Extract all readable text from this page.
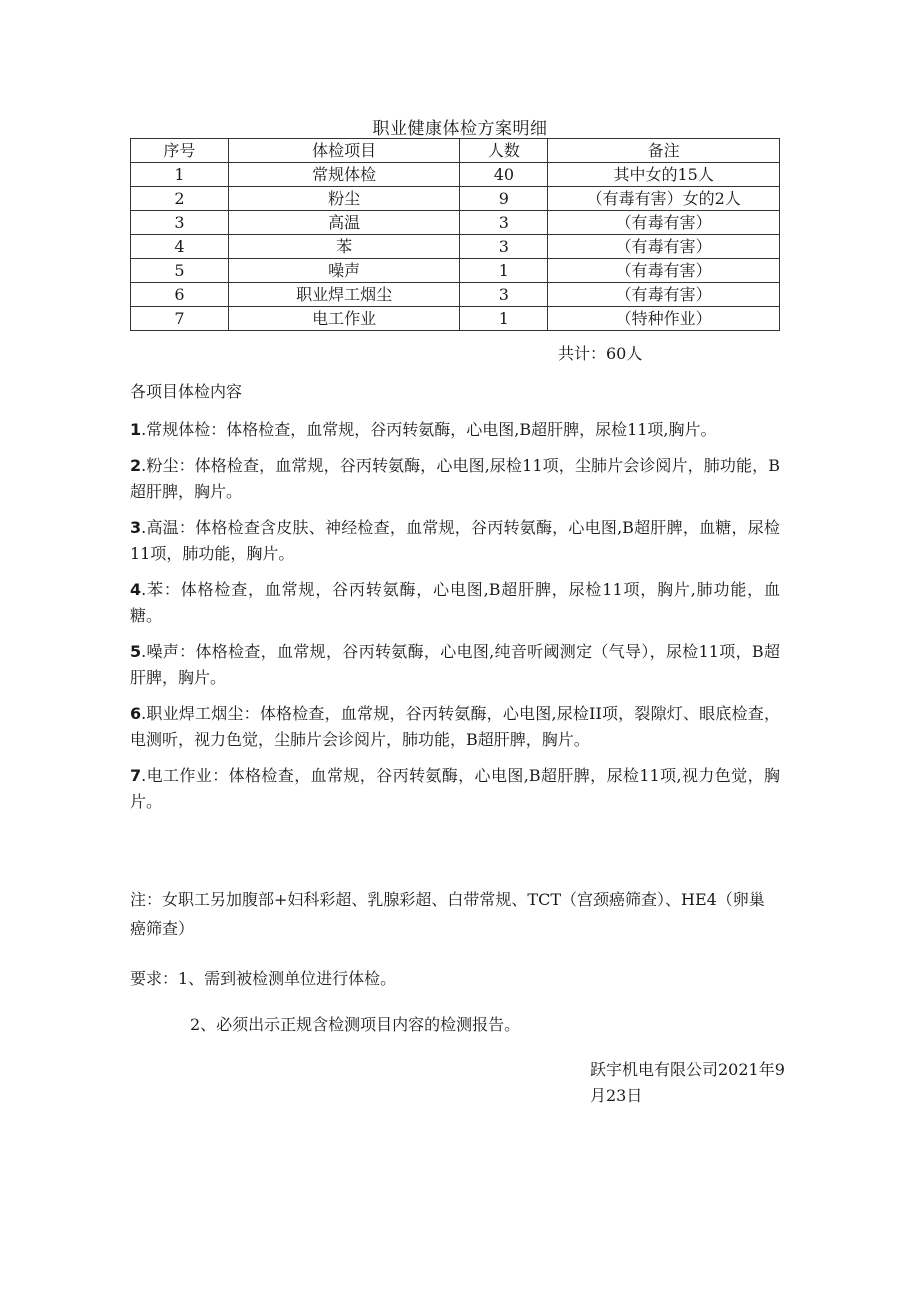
职业健康体检方案明细
序号	体检项目	人数	备注
1	常规体检	40	其中女的15人
2	粉尘	9	（有毒有害）女的2人
3	高温	3	（有毒有害）
4	苯	3	（有毒有害）
5	噪声	1	（有毒有害）
6	职业焊工烟尘	3	（有毒有害）
7	电工作业	1	（特种作业）
共计：60人
各项目体检内容

1.常规体检：体格检查，血常规，谷丙转氨酶，心电图,B超肝脾，尿检11项,胸片。

2.粉尘：体格检查，血常规，谷丙转氨酶，心电图,尿检11项，尘肺片会诊阅片，肺功能，B超肝脾，胸片。

3.高温：体格检查含皮肤、神经检查，血常规，谷丙转氨酶，心电图,B超肝脾，血糖，尿检11项，肺功能，胸片。

4.苯：体格检查，血常规，谷丙转氨酶，心电图,B超肝脾，尿检11项，胸片,肺功能，血糖。

5.噪声：体格检查，血常规，谷丙转氨酶，心电图,纯音听阈测定（气导），尿检11项，B超肝脾，胸片。

6.职业焊工烟尘：体格检查，血常规，谷丙转氨酶，心电图,尿检II项，裂隙灯、眼底检查，电测听，视力色觉，尘肺片会诊阅片，肺功能，B超肝脾，胸片。

7.电工作业：体格检查，血常规，谷丙转氨酶，心电图,B超肝脾，尿检11项,视力色觉，胸片。

注：女职工另加腹部+妇科彩超、乳腺彩超、白带常规、TCT（宫颈癌筛查）、HE4（卵巢癌筛查）
要求：1、需到被检测单位进行体检。
2、必须出示正规含检测项目内容的检测报告。
跃宇机电有限公司2021年9月23日
